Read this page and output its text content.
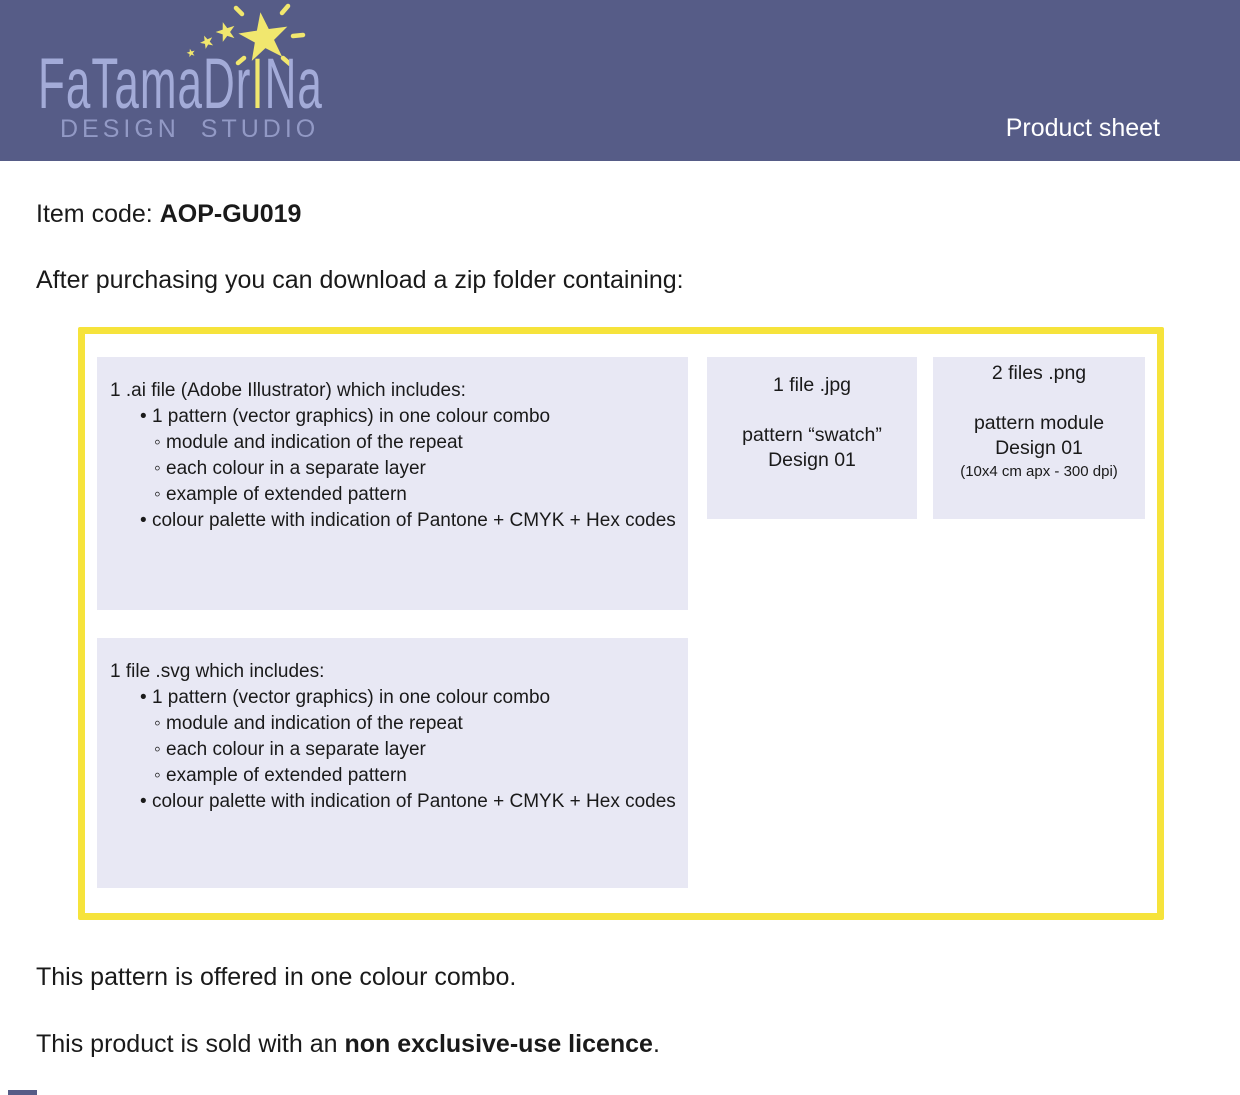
FaTamaDrINa
DESIGN STUDIO	Product sheet
Item code: AOP-GU019
After purchasing you can download a zip folder containing:
1 .ai file (Adobe Illustrator) which includes:
• 1 pattern (vector graphics) in one colour combo
◦ module and indication of the repeat
◦ each colour in a separate layer
◦ example of extended pattern
• colour palette with indication of Pantone + CMYK + Hex codes
1 file .jpg
pattern “swatch”
Design 01
2 files .png
pattern module
Design 01
(10x4 cm apx - 300 dpi)
1 file .svg which includes:
• 1 pattern (vector graphics) in one colour combo
◦ module and indication of the repeat
◦ each colour in a separate layer
◦ example of extended pattern
• colour palette with indication of Pantone + CMYK + Hex codes
This pattern is offered in one colour combo.
This product is sold with an non exclusive-use licence.
